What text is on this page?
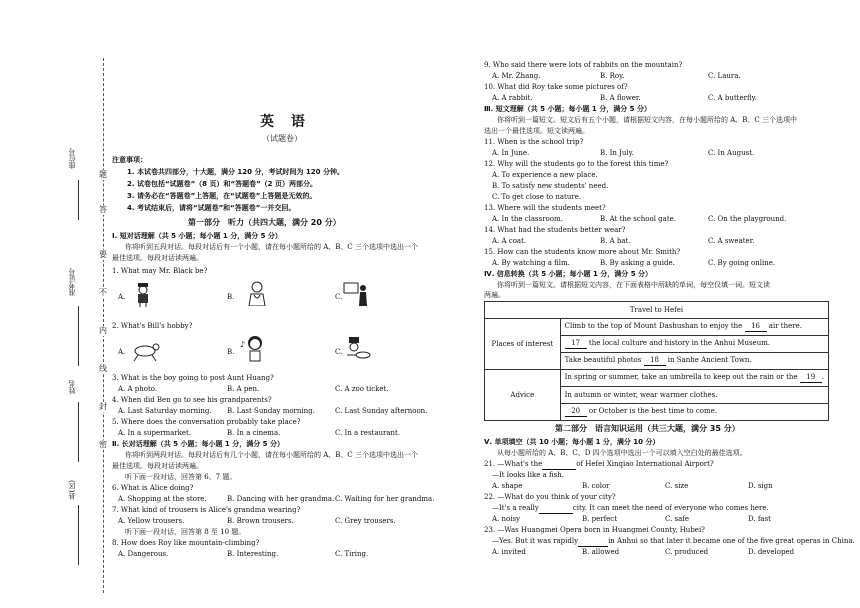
题
答
要
不
内
线
封
密
座位号
准考证号
姓名
县(区)
英 语
（试题卷）
注意事项：
1. 本试卷共四部分，十大题，满分 120 分，考试时间为 120 分钟。
2. 试卷包括“试题卷”（8 页）和“答题卷”（2 页）两部分。
3. 请务必在“答题卷”上答题，在“试题卷”上答题是无效的。
4. 考试结束后，请将“试题卷”和“答题卷”一并交回。
第一部分　听力（共四大题，满分 20 分）
Ⅰ. 短对话理解（共 5 小题；每小题 1 分，满分 5 分）
你将听到五段对话。每段对话后有一个小题，请在每小题所给的 A、B、C 三个选项中选出一个
最佳选项。每段对话读两遍。
1. What may Mr. Black be?
A.	B.	C.
2. What's Bill's hobby?
A.	B.
♪
C.
3. What is the boy going to post Aunt Huang?
A. A photo.	B. A pen.	C. A zoo ticket.
4. When did Ben go to see his grandparents?
A. Last Saturday morning. B. Last Sunday morning.	C. Last Sunday afternoon.
5. Where does the conversation probably take place?
A. In a supermarket.	B. In a cinema.	C. In a restaurant.
Ⅱ. 长对话理解（共 5 小题；每小题 1 分，满分 5 分）
你将听到两段对话。每段对话后有几个小题，请在每小题所给的 A、B、C 三个选项中选出一个
最佳选项。每段对话读两遍。
听下面一段对话，回答第 6、7 题。
6. What is Alice doing?
A. Shopping at the store.	B. Dancing with her grandma. C. Waiting for her grandma.
7. What kind of trousers is Alice's grandma wearing?
A. Yellow trousers.	B. Brown trousers.	C. Grey trousers.
听下面一段对话，回答第 8 至 10 题。
8. How does Roy like mountain-climbing?
A. Dangerous.	B. Interesting.	C. Tiring.
9. Who said there were lots of rabbits on the mountain?
A. Mr. Zhang.	B. Roy.	C. Laura.
10. What did Roy take some pictures of?
A. A rabbit.	B. A flower.	C. A butterfly.
Ⅲ. 短文理解（共 5 小题；每小题 1 分，满分 5 分）
你将听到一篇短文。短文后有五个小题，请根据短文内容，在每小题所给的 A、B、C 三个选项中
选出一个最佳选项。短文读两遍。
11. When is the school trip?
A. In June.	B. In July.	C. In August.
12. Why will the students go to the forest this time?
A. To experience a new place.
B. To satisfy new students' need.
C. To get close to nature.
13. Where will the students meet?
A. In the classroom.	B. At the school gate.	C. On the playground.
14. What had the students better wear?
A. A coat.	B. A hat.	C. A sweater.
15. How can the students know more about Mr. Smith?
A. By watching a film.	B. By asking a guide.	C. By going online.
Ⅳ. 信息转换（共 5 小题；每小题 1 分，满分 5 分）
你将听到一篇短文。请根据短文内容，在下面表格中所缺的单词，每空仅填一词。短文读
两遍。
Travel to Hefei	
Places of interest	Climb to the top of Mount Dashushan to enjoy the 16 air there.
	17 the local culture and history in the Anhui Museum.
	Take beautiful photos 18 in Sanhe Ancient Town.
Advice	In spring or summer, take an umbrella to keep out the rain or the 19 .
	In autumn or winter, wear warmer clothes.
	20 or October is the best time to come.
第二部分　语言知识运用（共三大题，满分 35 分）
Ⅴ. 单项填空（共 10 小题；每小题 1 分，满分 10 分）
从每小题所给的 A、B、C、D 四个选项中选出一个可以填入空白处的最佳选项。
21. —What's the	of Hefei Xinqiao International Airport?
—It looks like a fish.
A. shape	B. color	C. size	D. sign
22. —What do you think of your city?
—It's a really	city. It can meet the need of everyone who comes here.
A. noisy	B. perfect	C. safe	D. fast
23. —Was Huangmei Opera born in Huangmei County, Hubei?
—Yes. But it was rapidly	in Anhui so that later it became one of the five great operas in China.
A. invited	B. allowed	C. produced	D. developed
